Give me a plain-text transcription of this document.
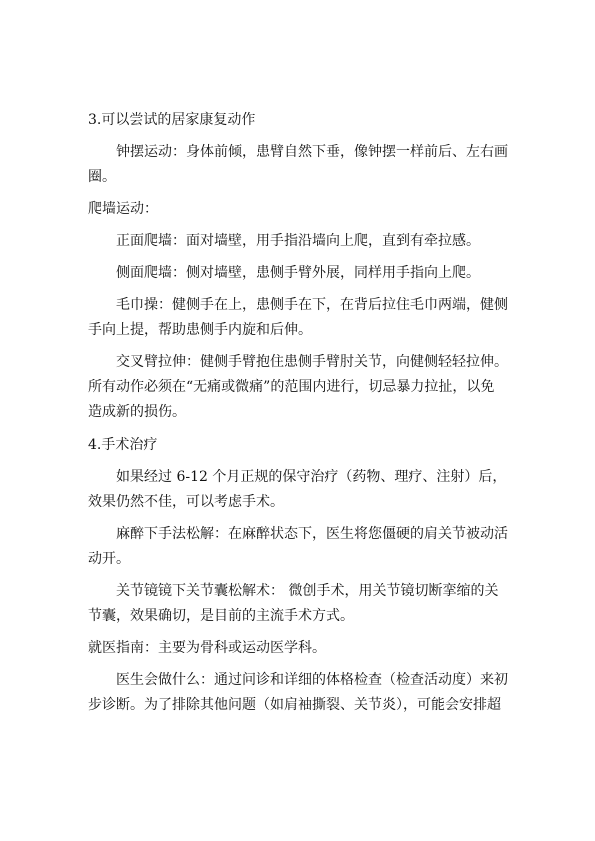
3.可以尝试的居家康复动作

钟摆运动：身体前倾，患臂自然下垂，像钟摆一样前后、左右画圈。

爬墙运动：

正面爬墙：面对墙壁，用手指沿墙向上爬，直到有牵拉感。

侧面爬墙：侧对墙壁，患侧手臂外展，同样用手指向上爬。

毛巾操：健侧手在上，患侧手在下，在背后拉住毛巾两端，健侧手向上提，帮助患侧手内旋和后伸。

交叉臂拉伸：健侧手臂抱住患侧手臂肘关节，向健侧轻轻拉伸。

所有动作必须在“无痛或微痛”的范围内进行，切忌暴力拉扯，以免造成新的损伤。

4.手术治疗

如果经过 6-12 个月正规的保守治疗（药物、理疗、注射）后，效果仍然不佳，可以考虑手术。

麻醉下手法松解：在麻醉状态下，医生将您僵硬的肩关节被动活动开。

关节镜镜下关节囊松解术： 微创手术，用关节镜切断挛缩的关节囊，效果确切，是目前的主流手术方式。

就医指南：主要为骨科或运动医学科。

医生会做什么：通过问诊和详细的体格检查（检查活动度）来初步诊断。为了排除其他问题（如肩袖撕裂、关节炎），可能会安排超
